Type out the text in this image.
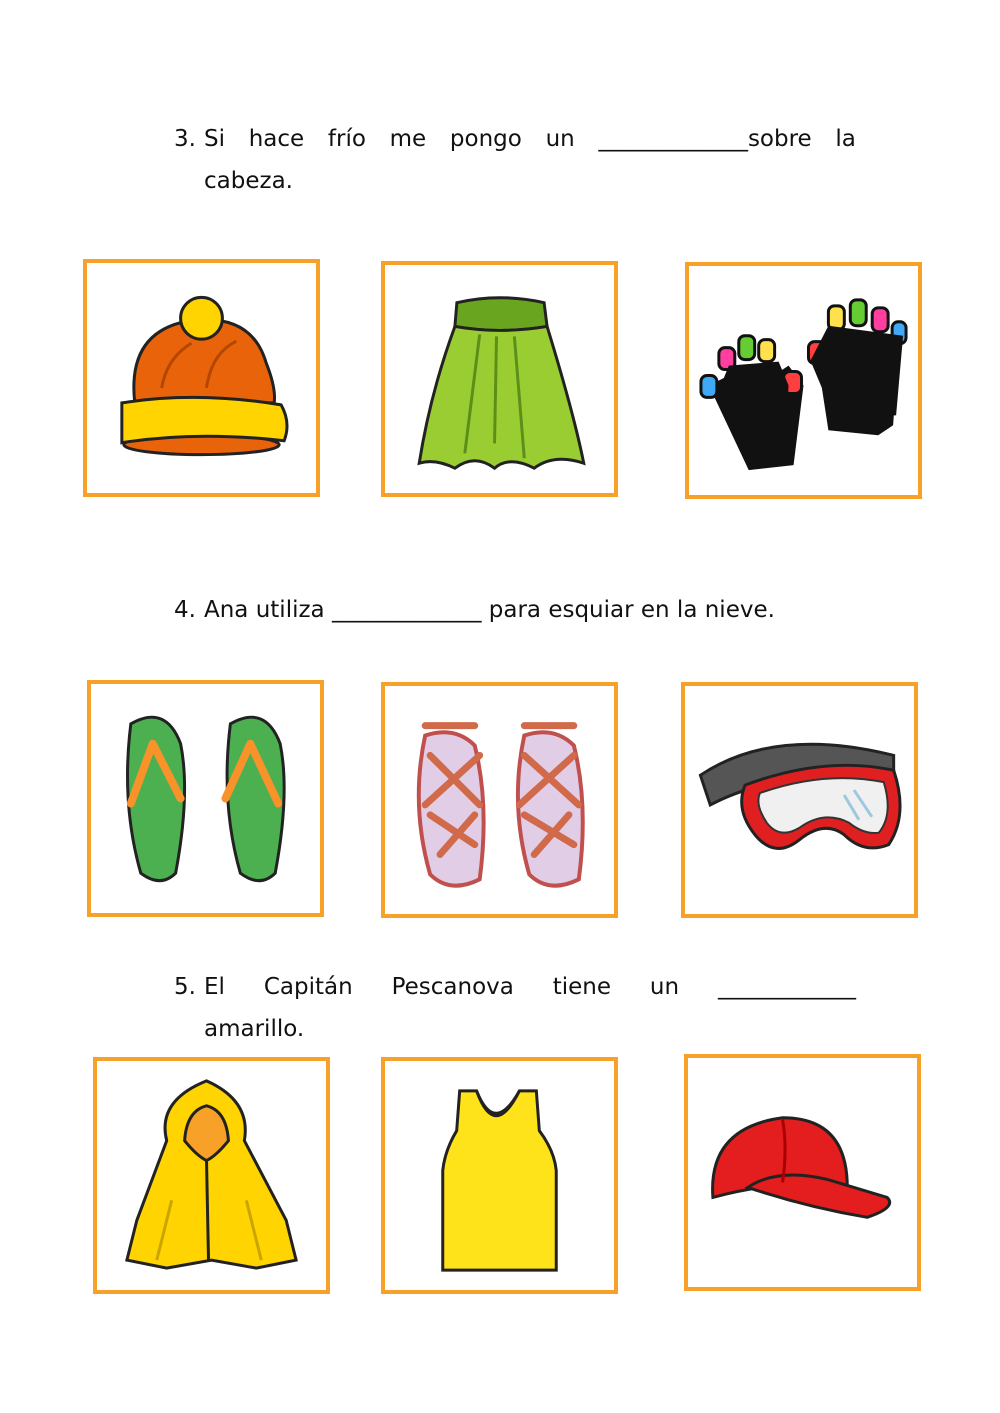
3. Si hace frío me pongo un _____________sobre la
cabeza.
4. Ana utiliza _____________ para esquiar en la nieve.
5. El Capitán Pescanova tiene un ____________
amarillo.
